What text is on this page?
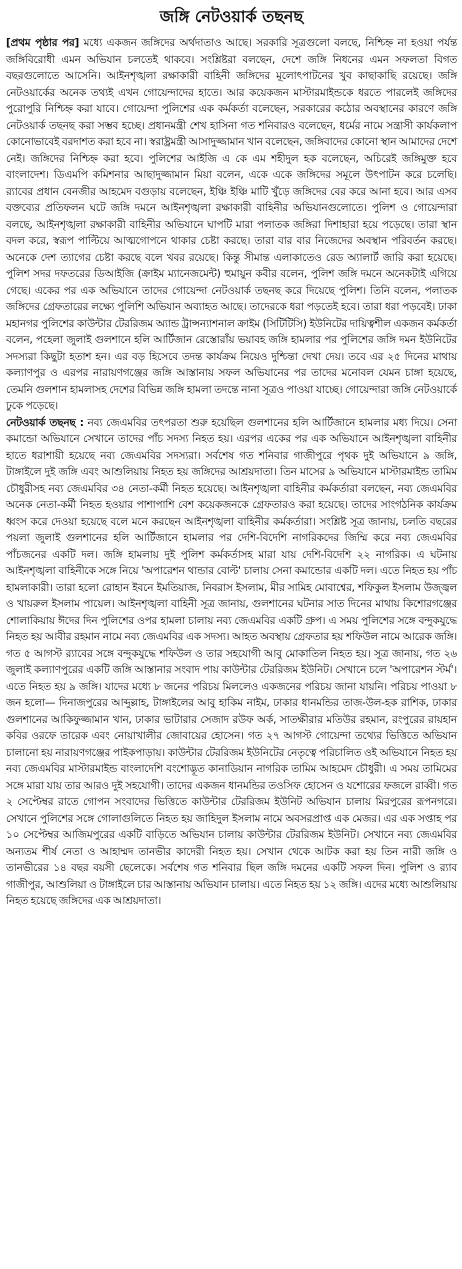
জঙ্গি নেটওয়ার্ক তছনছ

[প্রথম পৃষ্ঠার পর] মধ্যে একজন জঙ্গিদের অর্থদাতাও আছে। সরকারি সূত্রগুলো বলছে, নিশ্চিহ্ন না হওয়া পর্যন্ত জঙ্গিবিরোধী এমন অভিযান চলতেই থাকবে। সংশ্লিষ্টরা বলছেন, দেশে জঙ্গি নিধনের এমন সফলতা বিগত বছরগুলোতে আসেনি। আইনশৃঙ্খলা রক্ষাকারী বাহিনী জঙ্গিদের মূলোৎপাটনের খুব কাছাকাছি রয়েছে। জঙ্গি নেটওয়ার্কের অনেক তথ্যই এখন গোয়েন্দাদের হাতে। আর কয়েকজন মাস্টারমাইন্ডকে ধরতে পারলেই জঙ্গিদের পুরোপুরি নিশ্চিহ্ন করা যাবে। গোয়েন্দা পুলিশের এক কর্মকর্তা বলেছেন, সরকারের কঠোর অবস্থানের কারণে জঙ্গি নেটওয়ার্ক তছনছ করা সম্ভব হচ্ছে। প্রধানমন্ত্রী শেখ হাসিনা গত শনিবারও বলেছেন, ধর্মের নামে সন্ত্রাসী কার্যকলাপ কোনোভাবেই বরদাশত করা হবে না। স্বরাষ্ট্রমন্ত্রী আসাদুজ্জামান খান বলেছেন, জঙ্গিবাদের কোনো স্থান আমাদের দেশে নেই। জঙ্গিদের নিশ্চিহ্ন করা হবে। পুলিশের আইজি এ কে এম শহীদুল হক বলেছেন, অচিরেই জঙ্গিমুক্ত হবে বাংলাদেশ। ডিএমপি কমিশনার আছাদুজ্জামান মিয়া বলেন, একে একে জঙ্গিদের সমূলে উৎপাটন করে চলেছি। র‍্যাবের প্রধান বেনজীর আহমেদ বগুড়ায় বলেছেন, ইঞ্চি ইঞ্চি মাটি খুঁড়ে জঙ্গিদের বের করে আনা হবে। আর এসব বক্তব্যের প্রতিফলন ঘটে জঙ্গি দমনে আইনশৃঙ্খলা রক্ষাকারী বাহিনীর অভিযানগুলোতে। পুলিশ ও গোয়েন্দারা বলছে, আইনশৃঙ্খলা রক্ষাকারী বাহিনীর অভিযানে ঘাপটি মারা পলাতক জঙ্গিরা দিশাহারা হয়ে পড়েছে। তারা স্থান বদল করে, স্বরূপ পাল্টিয়ে আত্মগোপনে থাকার চেষ্টা করছে। তারা বার বার নিজেদের অবস্থান পরিবর্তন করছে। অনেকে দেশ ত্যাগের চেষ্টা করছে বলে খবর রয়েছে। কিন্তু সীমান্ত এলাকাতেও রেড অ্যালার্ট জারি করা হয়েছে। পুলিশ সদর দফতরের ডিআইজি (ক্রাইম ম্যানেজমেন্ট) হুমায়ুন কবীর বলেন, পুলিশ জঙ্গি দমনে অনেকটাই এগিয়ে গেছে। একের পর এক অভিযানে তাদের গোয়েন্দা নেটওয়ার্ক তছনছ করে দিয়েছে পুলিশ। তিনি বলেন, পলাতক জঙ্গিদের গ্রেফতারের লক্ষ্যে পুলিশি অভিযান অব্যাহত আছে। তাদেরকে ধরা পড়তেই হবে। তারা ধরা পড়বেই। ঢাকা মহানগর পুলিশের কাউন্টার টেররিজম অ্যান্ড ট্রান্সন্যাশনাল ক্রাইম (সিটিটিসি) ইউনিটের দায়িত্বশীল একজন কর্মকর্তা বলেন, পহেলা জুলাই গুলশানে হলি আর্টিজান রেস্তোরাঁয় ভয়াবহ জঙ্গি হামলার পর পুলিশের জঙ্গি দমন ইউনিটের সদস্যরা কিছুটা হতাশ হন। এর বড় হিসেবে তদন্ত কার্যক্রম নিয়েও দুশ্চিন্তা দেখা দেয়। তবে এর ২৫ দিনের মাথায় কল্যাণপুর ও এরপর নারায়ণগঞ্জের জঙ্গি আস্তানায় সফল অভিযানের পর তাদের মনোবল যেমন চাঙ্গা হয়েছে, তেমনি গুলশান হামলাসহ দেশের বিভিন্ন জঙ্গি হামলা তদন্তে নানা সূত্রও পাওয়া যাচ্ছে। গোয়েন্দারা জঙ্গি নেটওয়ার্কে ঢুকে পড়েছে।

নেটওয়ার্ক তছনছ : নব্য জেএমবির তৎপরতা শুরু হয়েছিল গুলশানের হলি আর্টিজানে হামলার মধ্য দিয়ে। সেনা কমান্ডো অভিযানে সেখানে তাদের পাঁচ সদস্য নিহত হয়। এরপর একের পর এক অভিযানে আইনশৃঙ্খলা বাহিনীর হাতে ধরাশায়ী হয়েছে নব্য জেএমবির সদস্যরা। সর্বশেষ গত শনিবার গাজীপুরে পৃথক দুই অভিযানে ৯ জঙ্গি, টাঙ্গাইলে দুই জঙ্গি এবং আশুলিয়ায় নিহত হয় জঙ্গিদের আশ্রয়দাতা। তিন মাসের ৯ অভিযানে মাস্টারমাইন্ড তামিম চৌধুরীসহ নব্য জেএমবির ৩৪ নেতা-কর্মী নিহত হয়েছে। আইনশৃঙ্খলা বাহিনীর কর্মকর্তারা বলছেন, নব্য জেএমবির অনেক নেতা-কর্মী নিহত হওয়ার পাশাপাশি বেশ কয়েকজনকে গ্রেফতারও করা হয়েছে। তাদের সাংগঠনিক কার্যক্রম ধ্বংস করে দেওয়া হয়েছে বলে মনে করছেন আইনশৃঙ্খলা বাহিনীর কর্মকর্তারা। সংশ্লিষ্ট সূত্র জানায়, চলতি বছরের পয়লা জুলাই গুলশানের হলি আর্টিজানে হামলার পর দেশি-বিদেশি নাগরিকদের জিম্মি করে নব্য জেএমবির পাঁচজনের একটি দল। জঙ্গি হামলায় দুই পুলিশ কর্মকর্তাসহ মারা যায় দেশি-বিদেশি ২২ নাগরিক। এ ঘটনায় আইনশৃঙ্খলা বাহিনীকে সঙ্গে নিয়ে 'অপারেশন থান্ডার বোল্ট' চালায় সেনা কমান্ডোর একটি দল। এতে নিহত হয় পাঁচ হামলাকারী। তারা হলো রোহান ইবনে ইমতিয়াজ, নিবরাস ইসলাম, মীর সামিহ মোবাশ্বের, শফিকুল ইসলাম উজ্জ্বল ও খায়রুল ইসলাম পায়েল। আইনশৃঙ্খলা বাহিনী সূত্র জানায়, গুলশানের ঘটনার সাত দিনের মাথায় কিশোরগঞ্জের শোলাকিয়ায় ঈদের দিন পুলিশের ওপর হামলা চালায় নব্য জেএমবির একটি গ্রুপ। এ সময় পুলিশের সঙ্গে বন্দুকযুদ্ধে নিহত হয় আবীর রহমান নামে নব্য জেএমবির এক সদস্য। আহত অবস্থায় গ্রেফতার হয় শফিউল নামে আরেক জঙ্গি। গত ৫ আগস্ট র‍্যাবের সঙ্গে বন্দুকযুদ্ধে শফিউল ও তার সহযোগী আবু মোকাতিল নিহত হয়। সূত্র জানায়, গত ২৬ জুলাই কল্যাণপুরের একটি জঙ্গি আস্তানার সংবাদ পায় কাউন্টার টেররিজম ইউনিট। সেখানে চলে 'অপারেশন স্টর্ম'। এতে নিহত হয় ৯ জঙ্গি। যাদের মধ্যে ৮ জনের পরিচয় মিললেও একজনের পরিচয় জানা যায়নি। পরিচয় পাওয়া ৮ জন হলো— দিনাজপুরের আব্দুল্লাহ, টাঙ্গাইলের আবু হাকিম নাইম, ঢাকার ধানমন্ডির তাজ-উল-হক রাশিক, ঢাকার গুলশানের আকিফুজ্জামান খান, ঢাকার ভাটারার সেজাদ রউফ অর্ক, সাতক্ষীরার মতিউর রহমান, রংপুরের রায়হান কবির ওরফে তারেক এবং নোয়াখালীর জোবায়ের হোসেন। গত ২৭ আগস্ট গোয়েন্দা তথ্যের ভিত্তিতে অভিযান চালানো হয় নারায়ণগঞ্জের পাইকপাড়ায়। কাউন্টার টেররিজম ইউনিটের নেতৃত্বে পরিচালিত ওই অভিযানে নিহত হয় নব্য জেএমবির মাস্টারমাইন্ড বাংলাদেশি বংশোদ্ভূত কানাডিয়ান নাগরিক তামিম আহমেদ চৌধুরী। এ সময় তামিমের সঙ্গে মারা যায় তার আরও দুই সহযোগী। তাদের একজন ধানমন্ডির তওসিফ হোসেন ও যশোরের ফজলে রাব্বী। গত ২ সেপ্টেম্বর রাতে গোপন সংবাদের ভিত্তিতে কাউন্টার টেররিজম ইউনিট অভিযান চালায় মিরপুরের রূপনগরে। সেখানে পুলিশের সঙ্গে গোলাগুলিতে নিহত হয় জাহিদুল ইসলাম নামে অবসরপ্রাপ্ত এক মেজর। এর এক সপ্তাহ পর ১০ সেপ্টেম্বর আজিমপুরের একটি বাড়িতে অভিযান চালায় কাউন্টার টেররিজম ইউনিট। সেখানে নব্য জেএমবির অন্যতম শীর্ষ নেতা ও আহাম্মদ তানভীর কাদেরী নিহত হয়। সেখান থেকে আটক করা হয় তিন নারী জঙ্গি ও তানভীরের ১৪ বছর বয়সী ছেলেকে। সর্বশেষ গত শনিবার ছিল জঙ্গি দমনের একটি সফল দিন। পুলিশ ও র‍্যাব গাজীপুর, আশুলিয়া ও টাঙ্গাইলে চার আস্তানায় অভিযান চালায়। এতে নিহত হয় ১২ জঙ্গি। এদের মধ্যে আশুলিয়ায় নিহত হয়েছে জঙ্গিদের এক আশ্রয়দাতা।
